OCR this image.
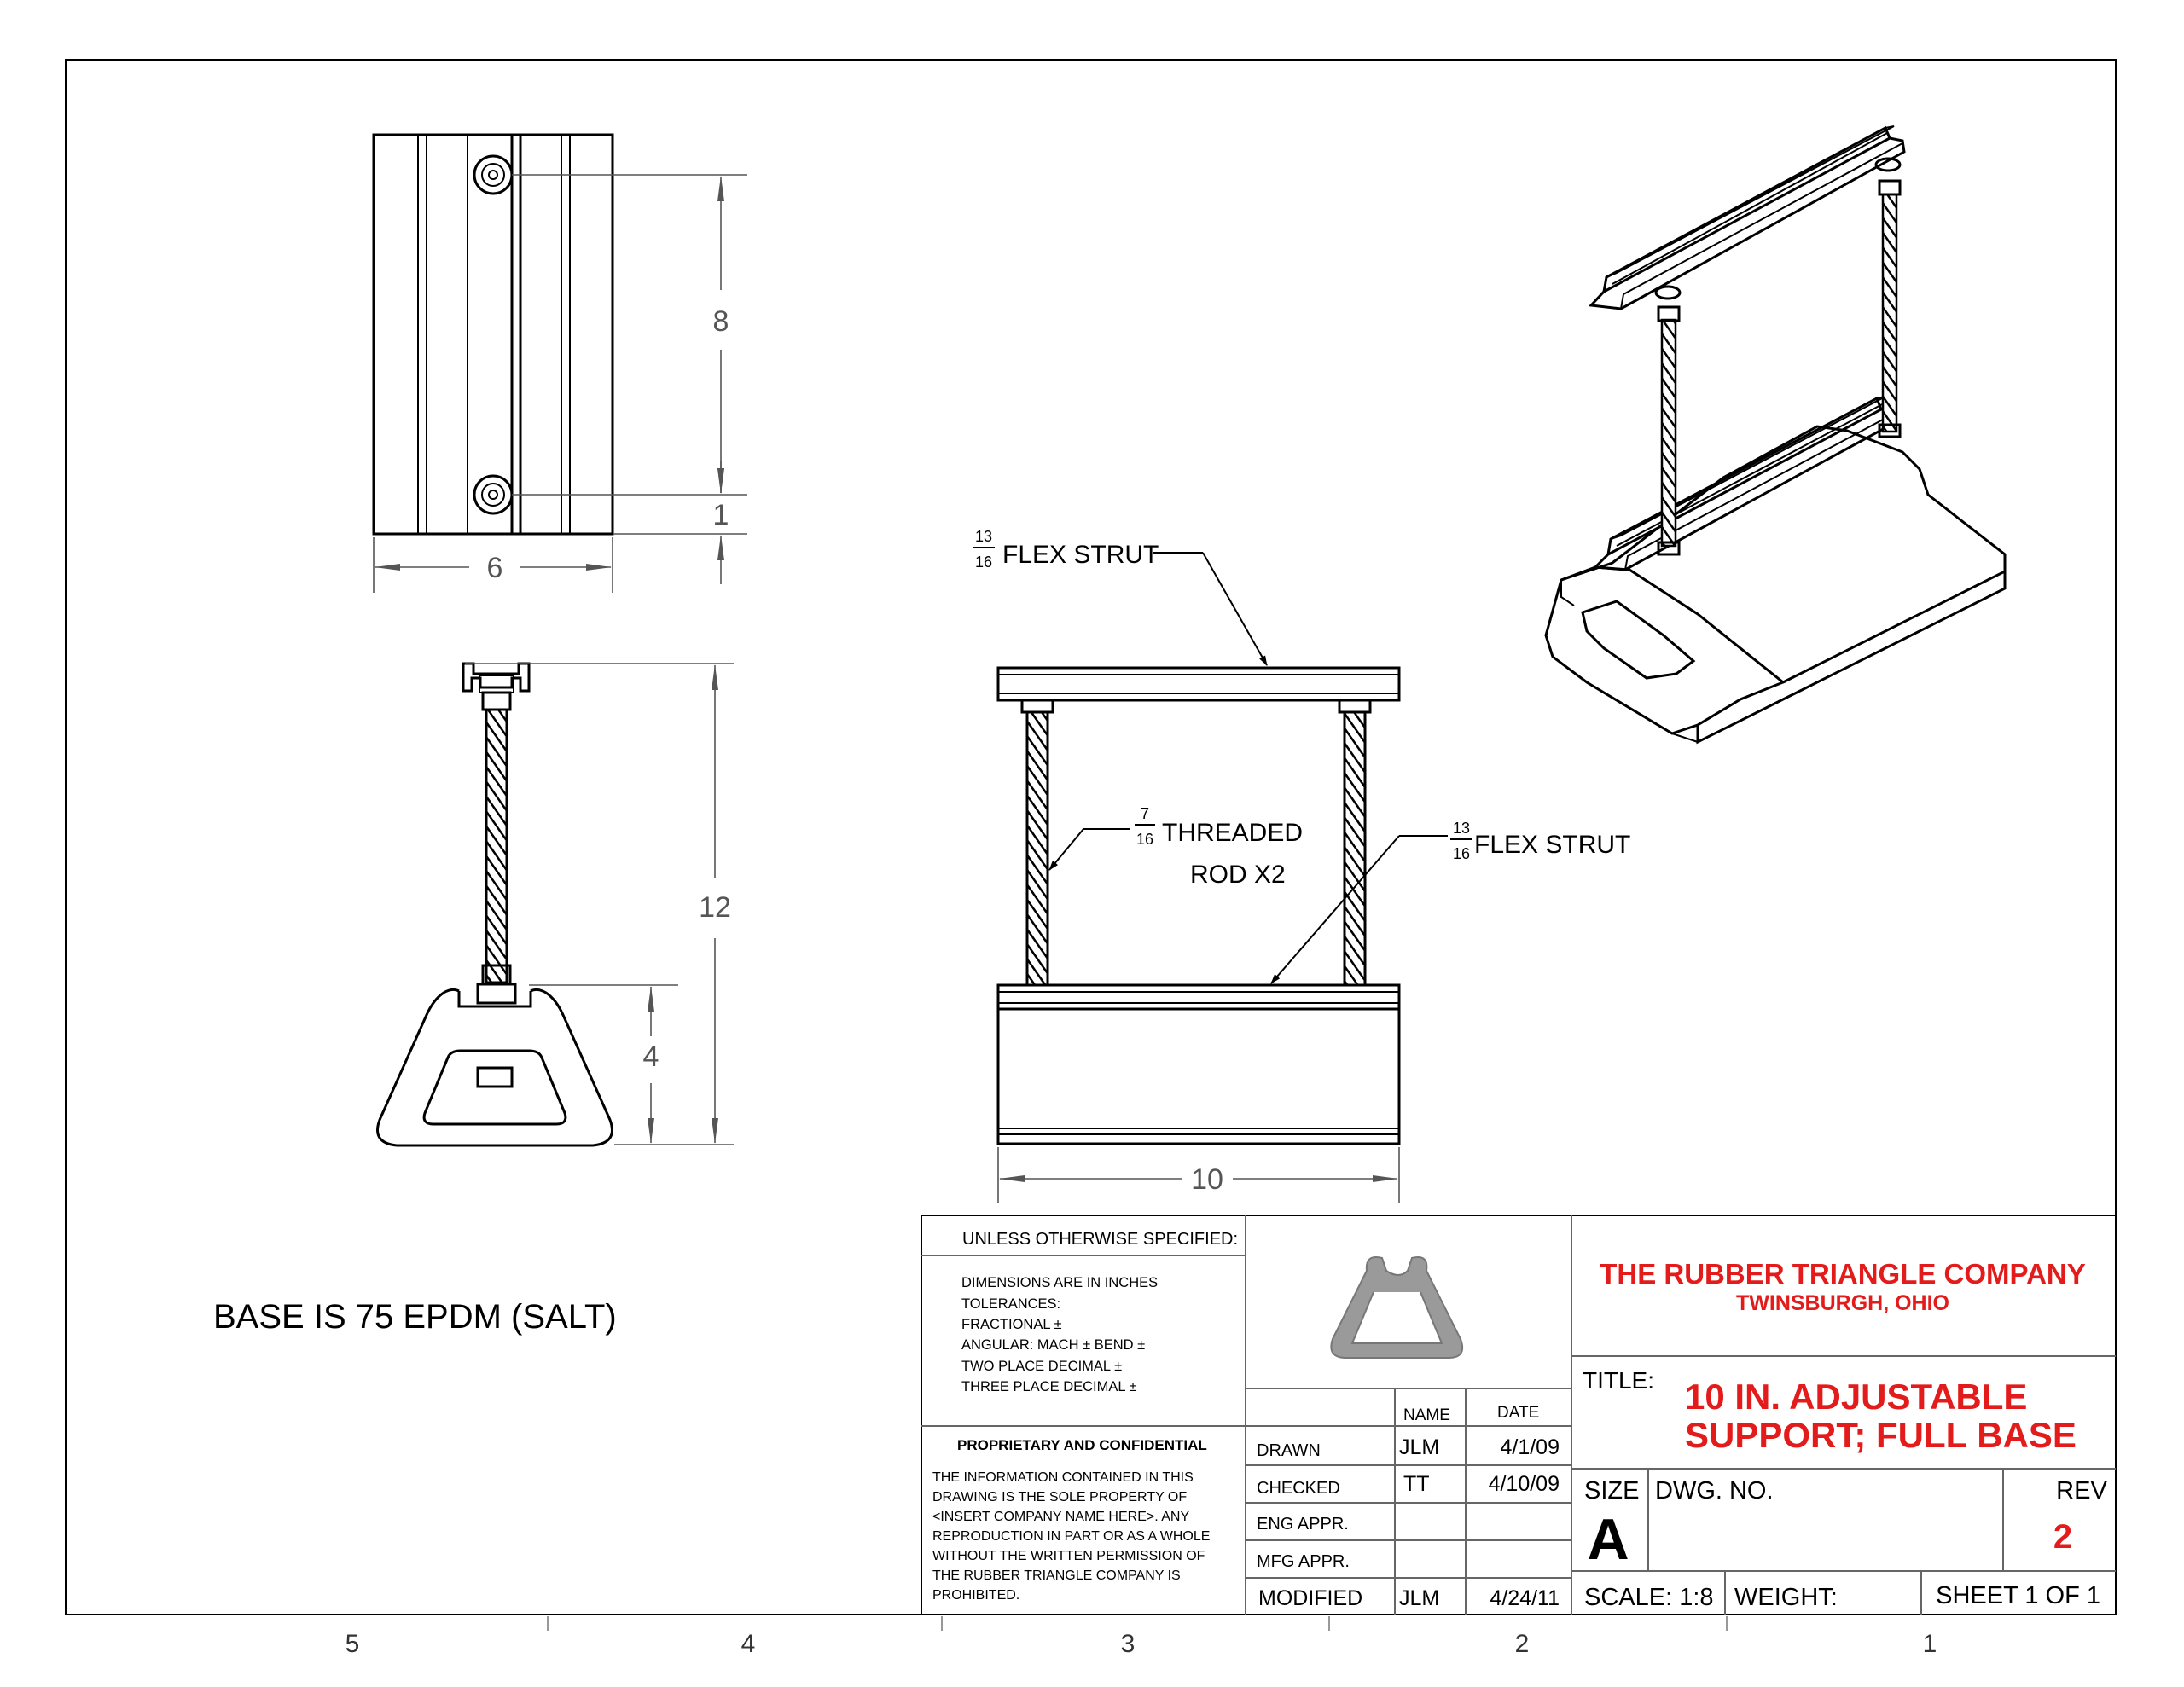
5	4	3	2	1
8
1
6
12
4
10
13
16 FLEX STRUT
7
16 THREADED
ROD X2
13
16 FLEX STRUT
BASE IS 75 EPDM (SALT)
UNLESS OTHERWISE SPECIFIED:
DIMENSIONS ARE IN INCHES
TOLERANCES:
FRACTIONAL ±
ANGULAR: MACH ± BEND ±
TWO PLACE DECIMAL ±
THREE PLACE DECIMAL ±
PROPRIETARY AND CONFIDENTIAL
THE INFORMATION CONTAINED IN THIS
DRAWING IS THE SOLE PROPERTY OF
<INSERT COMPANY NAME HERE>. ANY
REPRODUCTION IN PART OR AS A WHOLE
WITHOUT THE WRITTEN PERMISSION OF
THE RUBBER TRIANGLE COMPANY IS
PROHIBITED.
NAME	DATE
DRAWN	JLM	4/1/09
CHECKED	TT	4/10/09
ENG APPR.
MFG APPR.
MODIFIED JLM 4/24/11
THE RUBBER TRIANGLE COMPANY
TWINSBURGH, OHIO
TITLE: 10 IN. ADJUSTABLE
SUPPORT; FULL BASE
SIZE
A
DWG. NO.	REV
2
SCALE: 1:8 WEIGHT:	SHEET 1 OF 1
